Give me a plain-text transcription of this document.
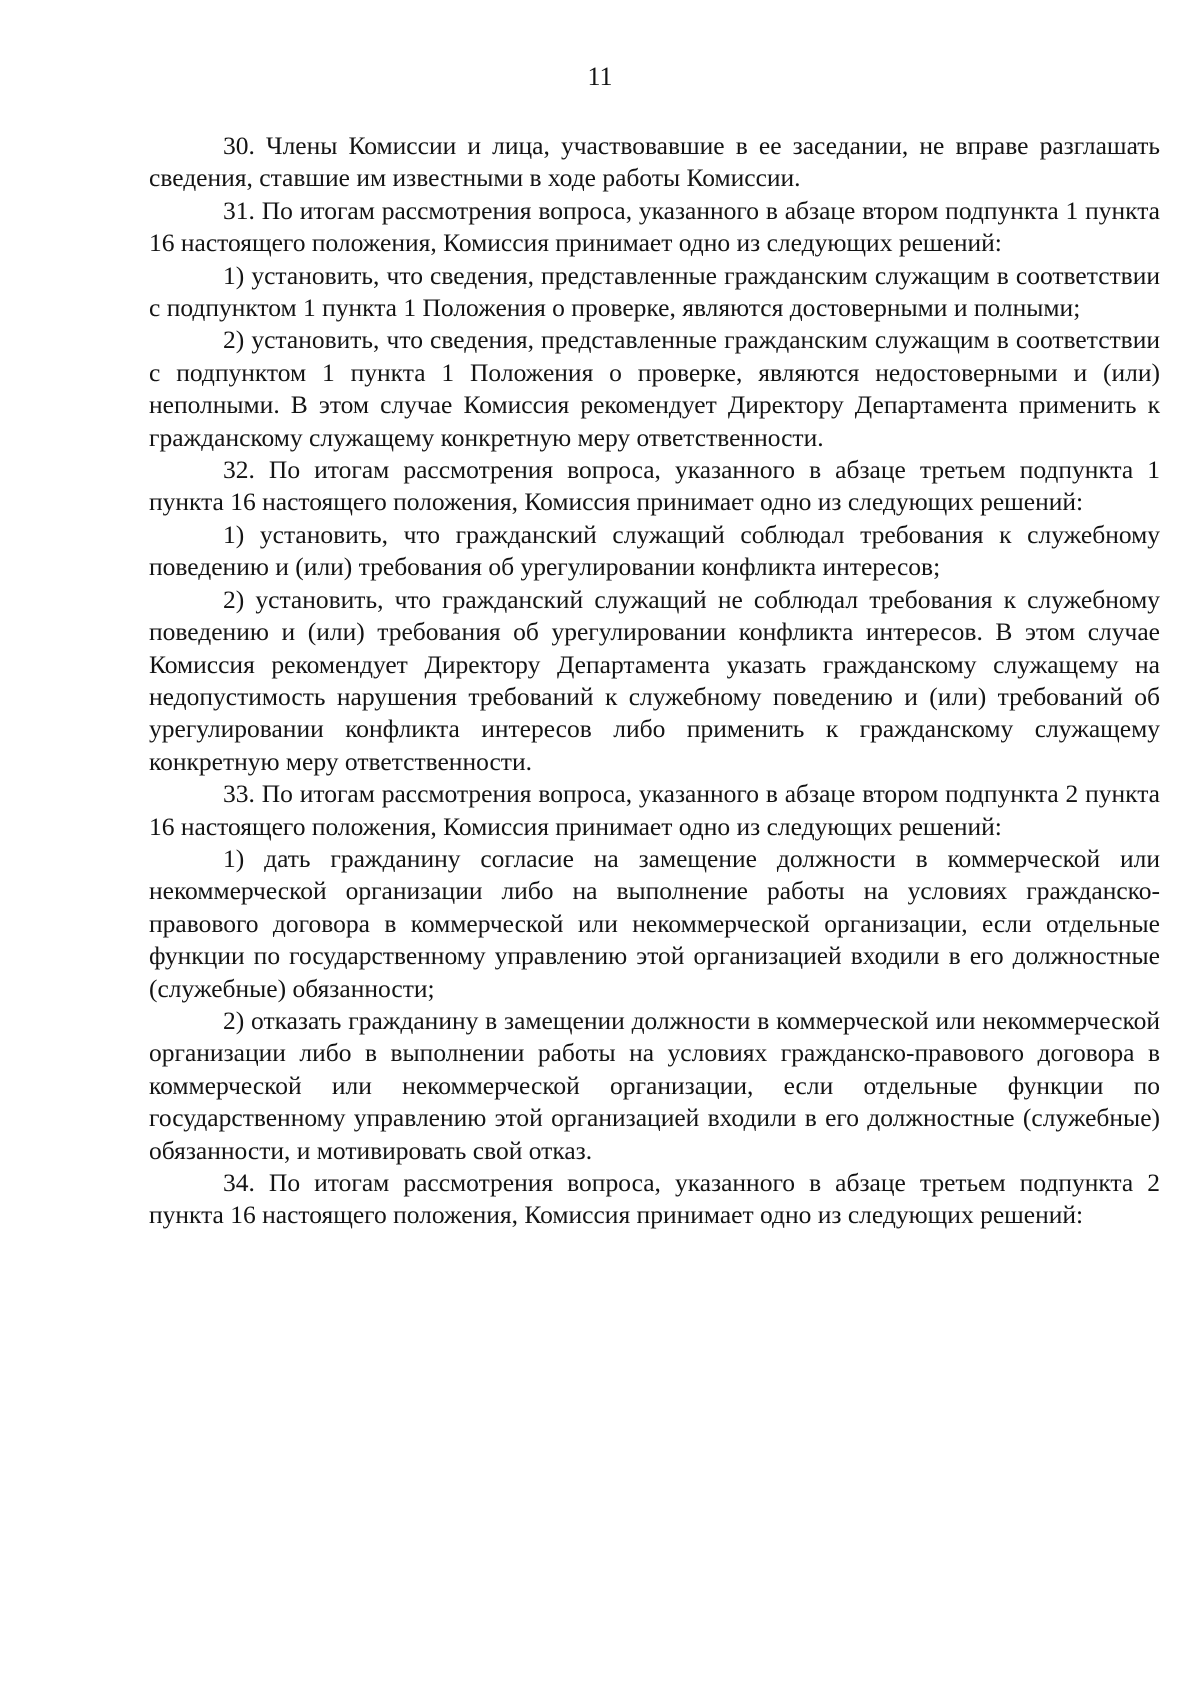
11

30. Члены Комиссии и лица, участвовавшие в ее заседании, не вправе разглашать сведения, ставшие им известными в ходе работы Комиссии.

31. По итогам рассмотрения вопроса, указанного в абзаце втором подпункта 1 пункта 16 настоящего положения, Комиссия принимает одно из следующих решений:

1) установить, что сведения, представленные гражданским служащим в соответствии с подпунктом 1 пункта 1 Положения о проверке, являются достоверными и полными;

2) установить, что сведения, представленные гражданским служащим в соответствии с подпунктом 1 пункта 1 Положения о проверке, являются недостоверными и (или) неполными. В этом случае Комиссия рекомендует Директору Департамента применить к гражданскому служащему конкретную меру ответственности.

32. По итогам рассмотрения вопроса, указанного в абзаце третьем подпункта 1 пункта 16 настоящего положения, Комиссия принимает одно из следующих решений:

1) установить, что гражданский служащий соблюдал требования к служебному поведению и (или) требования об урегулировании конфликта интересов;

2) установить, что гражданский служащий не соблюдал требования к служебному поведению и (или) требования об урегулировании конфликта интересов. В этом случае Комиссия рекомендует Директору Департамента указать гражданскому служащему на недопустимость нарушения требований к служебному поведению и (или) требований об урегулировании конфликта интересов либо применить к гражданскому служащему конкретную меру ответственности.

33. По итогам рассмотрения вопроса, указанного в абзаце втором подпункта 2 пункта 16 настоящего положения, Комиссия принимает одно из следующих решений:

1) дать гражданину согласие на замещение должности в коммерческой или некоммерческой организации либо на выполнение работы на условиях гражданско-правового договора в коммерческой или некоммерческой организации, если отдельные функции по государственному управлению этой организацией входили в его должностные (служебные) обязанности;

2) отказать гражданину в замещении должности в коммерческой или некоммерческой организации либо в выполнении работы на условиях гражданско-правового договора в коммерческой или некоммерческой организации, если отдельные функции по государственному управлению этой организацией входили в его должностные (служебные) обязанности, и мотивировать свой отказ.

34. По итогам рассмотрения вопроса, указанного в абзаце третьем подпункта 2 пункта 16 настоящего положения, Комиссия принимает одно из следующих решений:
